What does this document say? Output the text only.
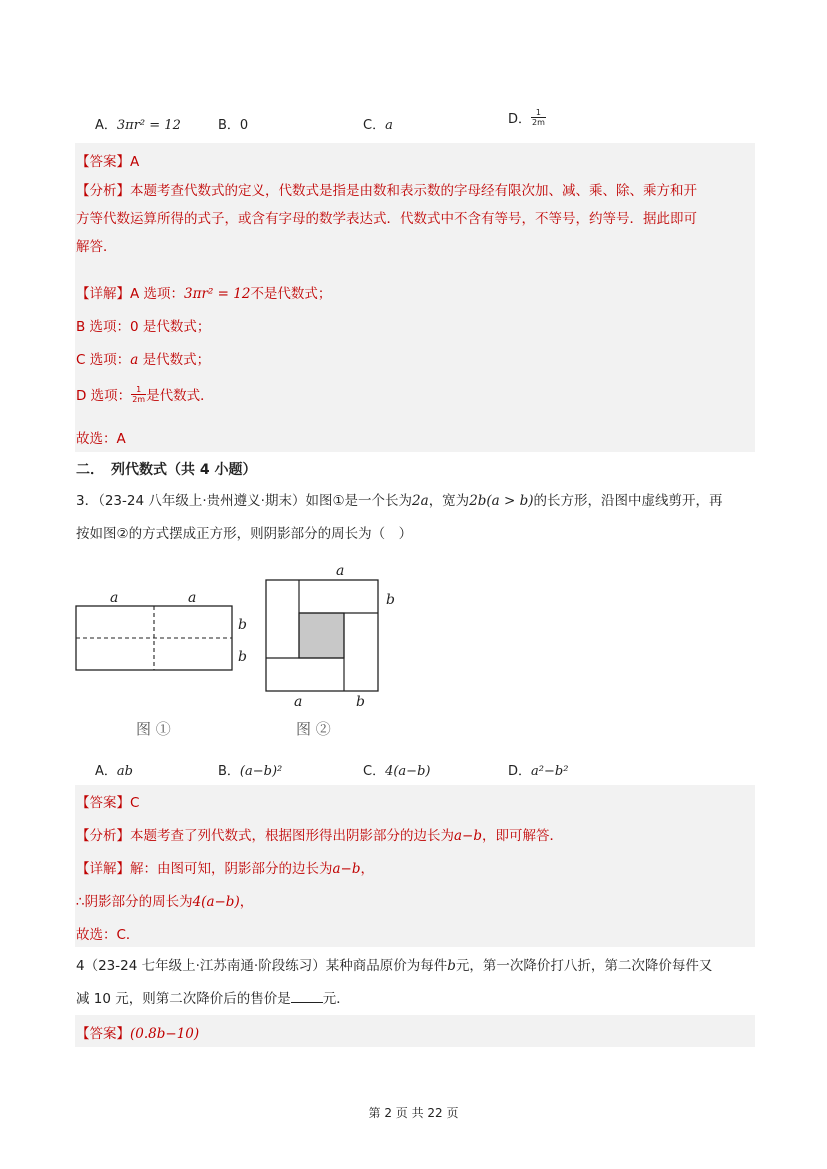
A．3πr² = 12	B．0	C．a	D． $\frac{1}{2m}$
【答案】A
【分析】本题考查代数式的定义，代数式是指是由数和表示数的字母经有限次加、减、乘、除、乘方和开
方等代数运算所得的式子，或含有字母的数学表达式．代数式中不含有等号，不等号，约等号．据此即可
解答．
【详解】A 选项：3πr² = 12不是代数式；
B 选项：0 是代数式；
C 选项：a 是代数式；
D 选项： $\frac{1}{2m}$ 是代数式．
故选：A
二．　列代数式（共 4 小题）
3．（23-24 八年级上·贵州遵义·期末）如图①是一个长为2a，宽为2b(a > b)的长方形，沿图中虚线剪开，再
按如图②的方式摆成正方形，则阴影部分的周长为（　）
a	a
b
b
图 ①
a
b
a	b
图 ②
A．ab	B．(a−b)²	C．4(a−b)	D．a²−b²
【答案】C
【分析】本题考查了列代数式，根据图形得出阴影部分的边长为a−b，即可解答．
【详解】解：由图可知，阴影部分的边长为a−b，
∴阴影部分的周长为4(a−b)，
故选：C．
4（23-24 七年级上·江苏南通·阶段练习）某种商品原价为每件b元，第一次降价打八折，第二次降价每件又
减 10 元，则第二次降价后的售价是 元．
【答案】(0.8b−10)
第 2 页 共 22 页
